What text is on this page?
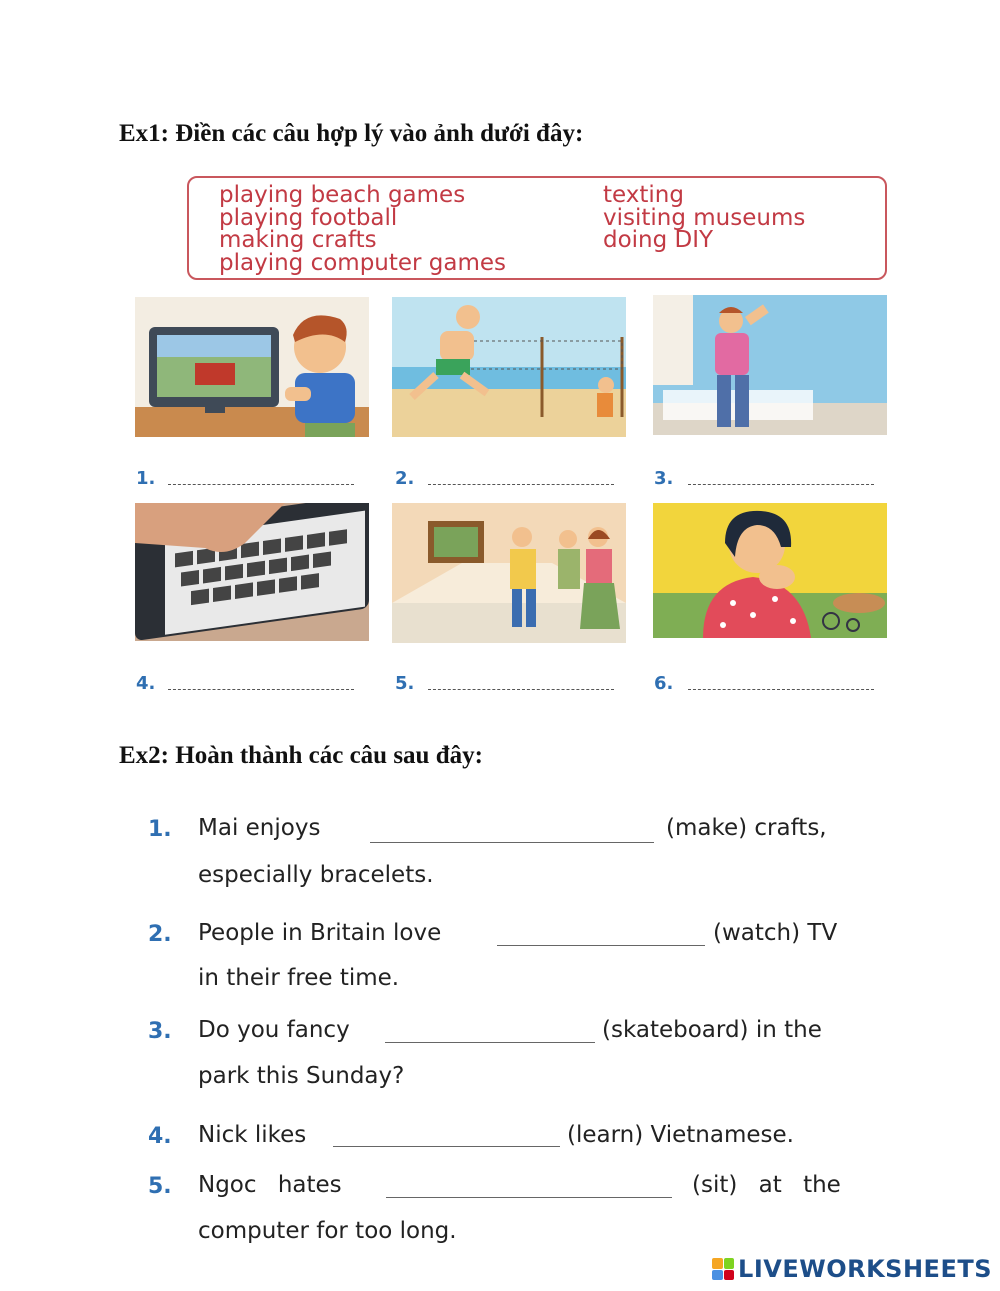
Ex1: Điền các câu hợp lý vào ảnh dưới đây:
playing beach games
playing football
making crafts
playing computer games
texting
visiting museums
doing DIY
1.	2.	3.
4.	5.	6.
Ex2: Hoàn thành các câu sau đây:
1. Mai enjoys	(make) crafts,
especially bracelets.
2. People in Britain love	(watch) TV
in their free time.
3. Do you fancy	(skateboard) in the
park this Sunday?
4. Nick likes	(learn) Vietnamese.
5. Ngoc hates	(sit) at the
computer for too long.
LIVEWORKSHEETS
